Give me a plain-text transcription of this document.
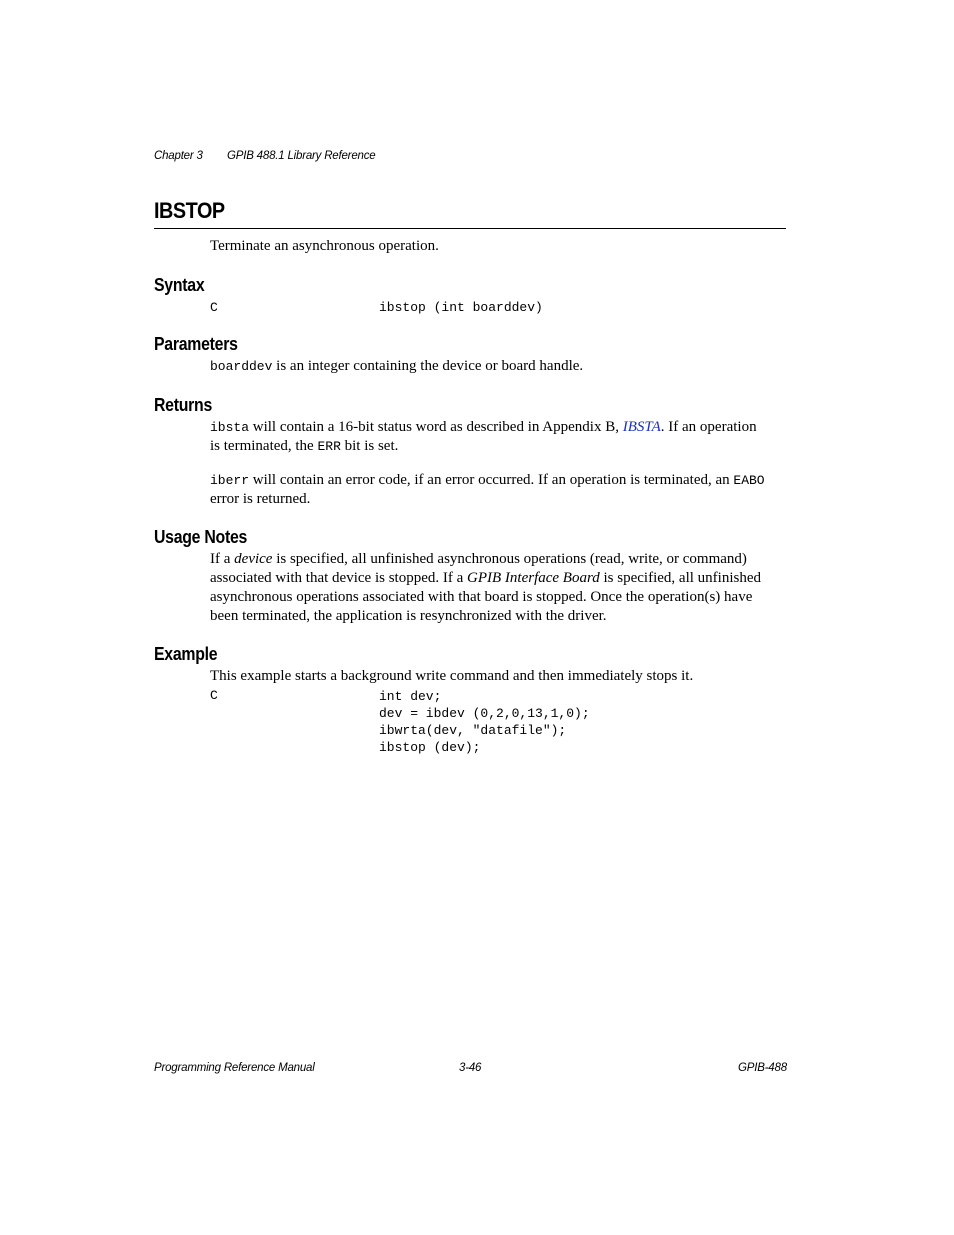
Chapter 3 GPIB 488.1 Library Reference
IBSTOP
Terminate an asynchronous operation.
Syntax
C	ibstop (int boarddev)
Parameters
boarddev is an integer containing the device or board handle.
Returns
ibsta will contain a 16-bit status word as described in Appendix B, IBSTA. If an operation
is terminated, the ERR bit is set.
iberr will contain an error code, if an error occurred. If an operation is terminated, an EABO
error is returned.
Usage Notes
If a device is specified, all unfinished asynchronous operations (read, write, or command)
associated with that device is stopped. If a GPIB Interface Board is specified, all unfinished
asynchronous operations associated with that board is stopped. Once the operation(s) have
been terminated, the application is resynchronized with the driver.
Example
This example starts a background write command and then immediately stops it.
C	int dev;
dev = ibdev (0,2,0,13,1,0);
ibwrta(dev, "datafile");
ibstop (dev);
Programming Reference Manual	3-46	GPIB-488
